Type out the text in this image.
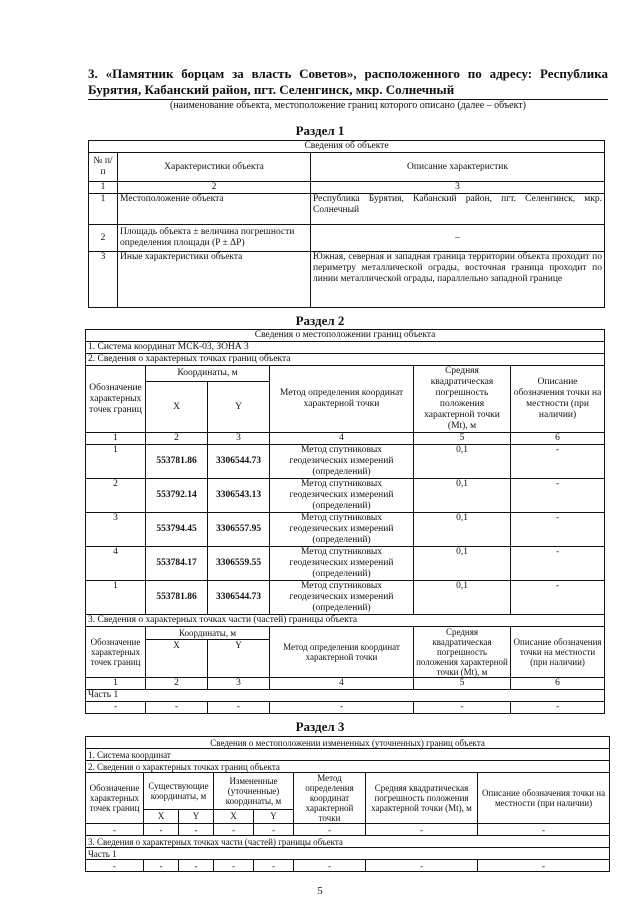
3. «Памятник борцам за власть Советов», расположенного по адресу: Республика Бурятия, Кабанский район, пгт. Селенгинск, мкр. Солнечный
(наименование объекта, местоположение границ которого описано (далее – объект)
Раздел 1
Сведения об объекте		
№ п/п	Характеристики объекта	Описание характеристик
1	2	3
1	Местоположение объекта	Республика Бурятия, Кабанский район, пгт. Селенгинск, мкр. Солнечный
2	Площадь объекта ± величина погрешности определения площади (P ± ΔP)	–
3	Иные характеристики объекта	Южная, северная и западная граница территории объекта проходит по периметру металлической ограды, восточная граница проходит по линии металлической ограды, параллельно западной границе
Раздел 2
Сведения о местоположении границ объекта					
1. Система координат МСК-03, ЗОНА 3					
2. Сведения о характерных точках границ объекта					
Обозначение характерных точек границ	Координаты, м		Метод определения координат характерной точки	Средняя квадратическая погрешность положения характерной точки (Mt), м	Описание обозначения точки на местности (при наличии)
	X	Y			
1	2	3	4	5	6
1	553781.86	3306544.73	Метод спутниковых геодезических измерений (определений)	0,1	-
2	553792.14	3306543.13	Метод спутниковых геодезических измерений (определений)	0,1	-
3	553794.45	3306557.95	Метод спутниковых геодезических измерений (определений)	0,1	-
4	553784.17	3306559.55	Метод спутниковых геодезических измерений (определений)	0,1	-
1	553781.86	3306544.73	Метод спутниковых геодезических измерений (определений)	0,1	-
3. Сведения о характерных точках части (частей) границы объекта					
Обозначение характерных точек границ	Координаты, м		Метод определения координат характерной точки	Средняя квадратическая погрешность положения характерной точки (Mt), м	Описание обозначения точки на местности (при наличии)
	X	Y			
1	2	3	4	5	6
Часть 1					
-	-	-	-	-	-
Раздел 3
Сведения о местоположении измененных (уточненных) границ объекта							
1. Система координат							
2. Сведения о характерных точках границ объекта							
Обозначение характерных точек границ	Существующие координаты, м		Измененные (уточненные) координаты, м		Метод определения координат характерной точки	Средняя квадратическая погрешность положения характерной точки (Mt), м	Описание обозначения точки на местности (при наличии)
	X	Y	X	Y			
-	-	-	-	-	-	-	-
3. Сведения о характерных точках части (частей) границы объекта							
Часть 1							
-	-	-	-	-	-	-	-
5
